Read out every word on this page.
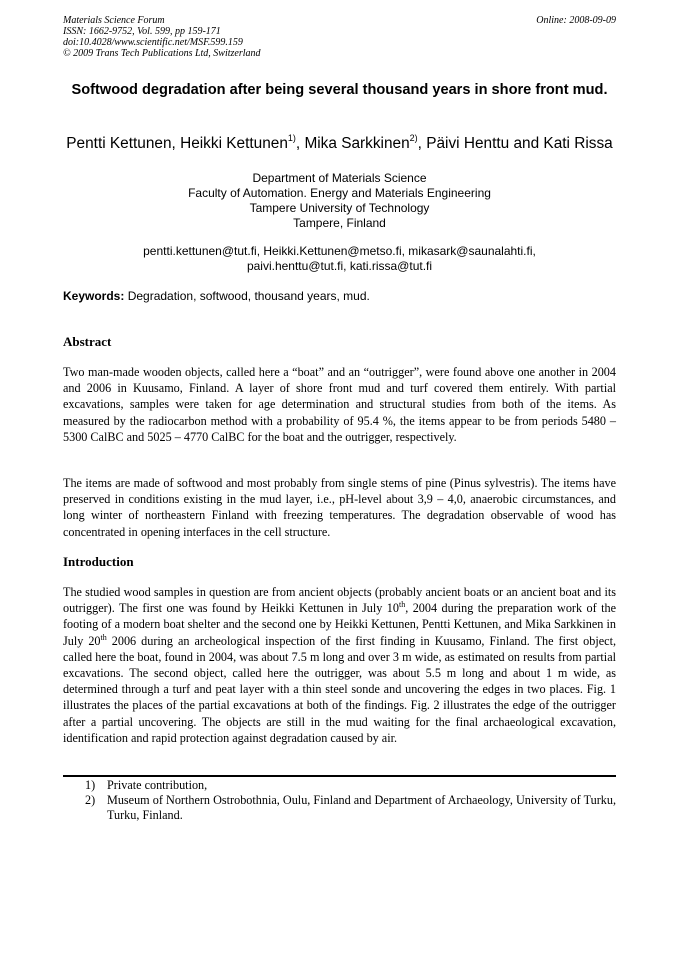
Materials Science Forum
ISSN: 1662-9752, Vol. 599, pp 159-171
doi:10.4028/www.scientific.net/MSF.599.159
© 2009 Trans Tech Publications Ltd, Switzerland
Online: 2008-09-09
Softwood degradation after being several thousand years in shore front mud.
Pentti Kettunen, Heikki Kettunen$^{1)}$, Mika Sarkkinen$^{2)}$, Päivi Henttu and Kati Rissa
Department of Materials Science
Faculty of Automation. Energy and Materials Engineering
Tampere University of Technology
Tampere, Finland
pentti.kettunen@tut.fi, Heikki.Kettunen@metso.fi, mikasark@saunalahti.fi,
paivi.henttu@tut.fi, kati.rissa@tut.fi
Keywords: Degradation, softwood, thousand years, mud.
Abstract
Two man-made wooden objects, called here a “boat” and an “outrigger”, were found above one another in 2004 and 2006 in Kuusamo, Finland. A layer of shore front mud and turf covered them entirely. With partial excavations, samples were taken for age determination and structural studies from both of the items. As measured by the radiocarbon method with a probability of 95.4 %, the items appear to be from periods 5480 – 5300 CalBC and 5025 – 4770 CalBC for the boat and the outrigger, respectively.
The items are made of softwood and most probably from single stems of pine (Pinus sylvestris). The items have preserved in conditions existing in the mud layer, i.e., pH-level about 3,9 – 4,0, anaerobic circumstances, and long winter of northeastern Finland with freezing temperatures. The degradation observable of wood has concentrated in opening interfaces in the cell structure.
Introduction
The studied wood samples in question are from ancient objects (probably ancient boats or an ancient boat and its outrigger). The first one was found by Heikki Kettunen in July 10th, 2004 during the preparation work of the footing of a modern boat shelter and the second one by Heikki Kettunen, Pentti Kettunen, and Mika Sarkkinen in July 20th 2006 during an archeological inspection of the first finding in Kuusamo, Finland. The first object, called here the boat, found in 2004, was about 7.5 m long and over 3 m wide, as estimated on results from partial excavations. The second object, called here the outrigger, was about 5.5 m long and about 1 m wide, as determined through a turf and peat layer with a thin steel sonde and uncovering the edges in two places. Fig. 1 illustrates the places of the partial excavations at both of the findings. Fig. 2 illustrates the edge of the outrigger after a partial uncovering. The objects are still in the mud waiting for the final archaeological excavation, identification and rapid protection against degradation caused by air.
1) Private contribution,
2) Museum of Northern Ostrobothnia, Oulu, Finland and Department of Archaeology, University of Turku, Turku, Finland.
